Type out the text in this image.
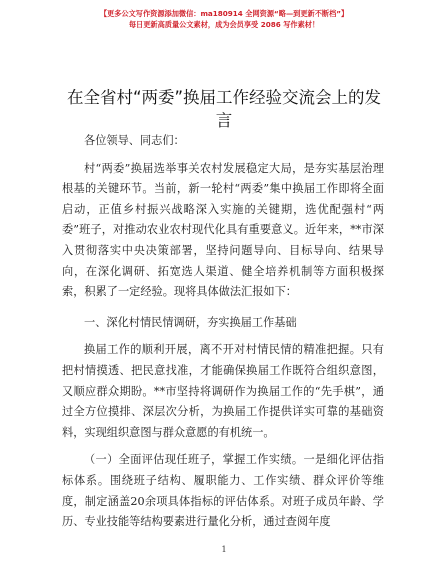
【更多公文写作资源添加微信：ma180914 全网资源“略—到更新不断档”】
每日更新高质量公文素材，成为会员享受 2086 写作素材！
在全省村“两委”换届工作经验交流会上的发言

各位领导、同志们：

村“两委”换届选举事关农村发展稳定大局，是夯实基层治理根基的关键环节。当前，新一轮村“两委”集中换届工作即将全面启动，正值乡村振兴战略深入实施的关键期，选优配强村“两委”班子，对推动农业农村现代化具有重要意义。近年来，**市深入贯彻落实中央决策部署，坚持问题导向、目标导向、结果导向，在深化调研、拓宽选人渠道、健全培养机制等方面积极探索，积累了一定经验。现将具体做法汇报如下：

一、深化村情民情调研，夯实换届工作基础

换届工作的顺利开展，离不开对村情民情的精准把握。只有把村情摸透、把民意找准，才能确保换届工作既符合组织意图，又顺应群众期盼。**市坚持将调研作为换届工作的“先手棋”，通过全方位摸排、深层次分析，为换届工作提供详实可靠的基础资料，实现组织意图与群众意愿的有机统一。

（一）全面评估现任班子，掌握工作实绩。一是细化评估指标体系。围绕班子结构、履职能力、工作实绩、群众评价等维度，制定涵盖20余项具体指标的评估体系。对班子成员年龄、学历、专业技能等结构要素进行量化分析，通过查阅年度

1
